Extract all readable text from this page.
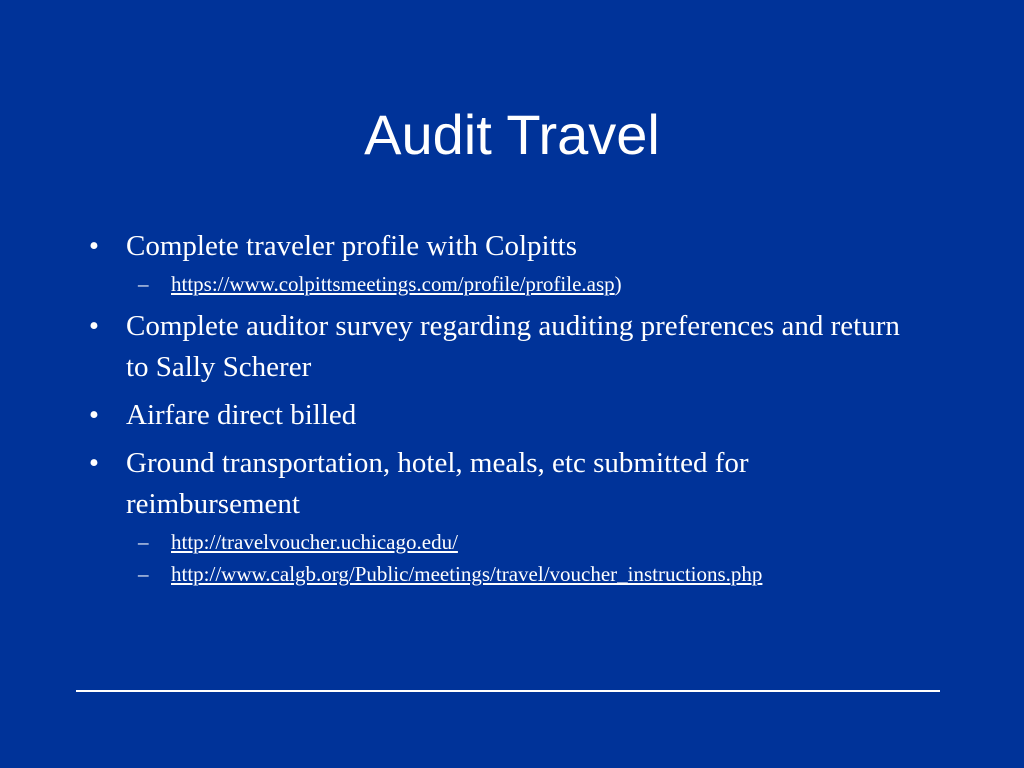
Audit Travel
• Complete traveler profile with Colpitts
– https://www.colpittsmeetings.com/profile/profile.asp)
• Complete auditor survey regarding auditing preferences and return to Sally Scherer
• Airfare direct billed
• Ground transportation, hotel, meals, etc submitted for reimbursement
– http://travelvoucher.uchicago.edu/
– http://www.calgb.org/Public/meetings/travel/voucher_instructions.php
